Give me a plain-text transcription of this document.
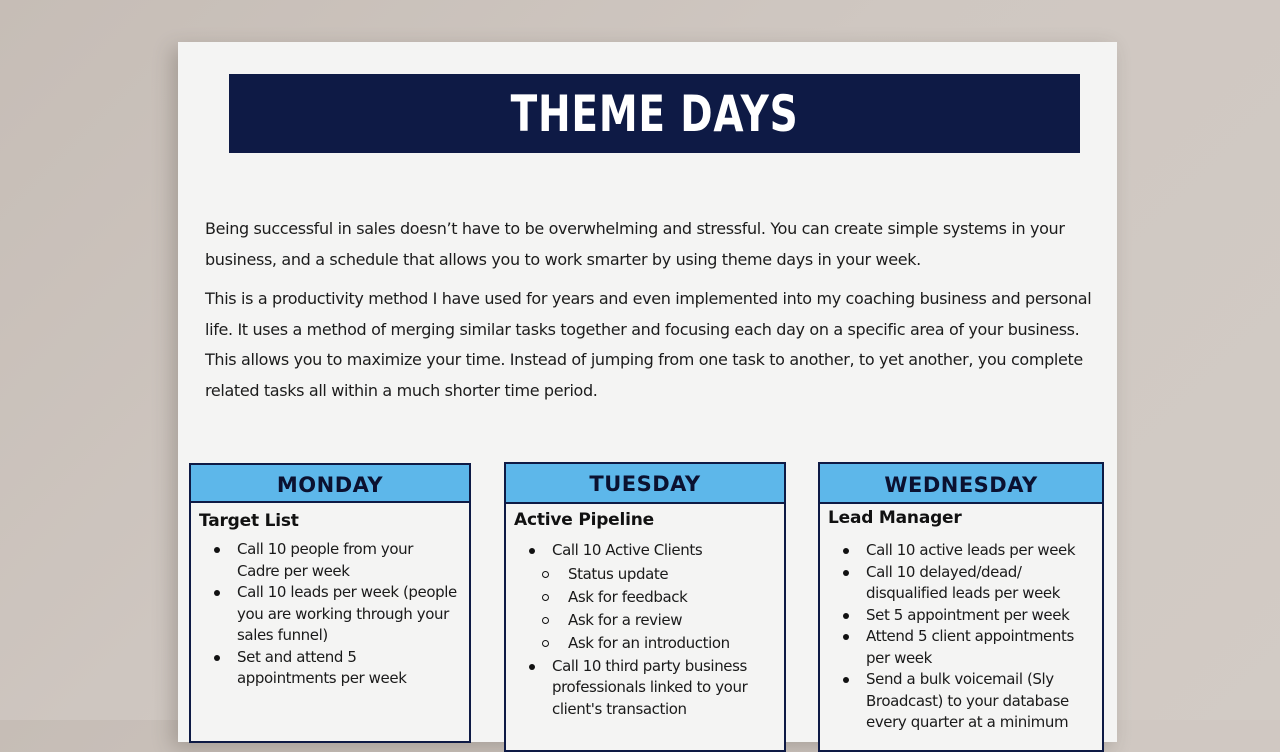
THEME DAYS

Being successful in sales doesn’t have to be overwhelming and stressful. You can create simple systems in your business, and a schedule that allows you to work smarter by using theme days in your week.

This is a productivity method I have used for years and even implemented into my coaching business and personal life. It uses a method of merging similar tasks together and focusing each day on a specific area of your business. This allows you to maximize your time. Instead of jumping from one task to another, to yet another, you complete related tasks all within a much shorter time period.

MONDAY
Target List
Call 10 people from your Cadre per week
Call 10 leads per week (people you are working through your sales funnel)
Set and attend 5 appointments per week
TUESDAY
Active Pipeline
Call 10 Active Clients
Status update
Ask for feedback
Ask for a review
Ask for an introduction
Call 10 third party business professionals linked to your client's transaction
WEDNESDAY
Lead Manager
Call 10 active leads per week
Call 10 delayed/dead/ disqualified leads per week
Set 5 appointment per week
Attend 5 client appointments per week
Send a bulk voicemail (Sly Broadcast) to your database every quarter at a minimum
